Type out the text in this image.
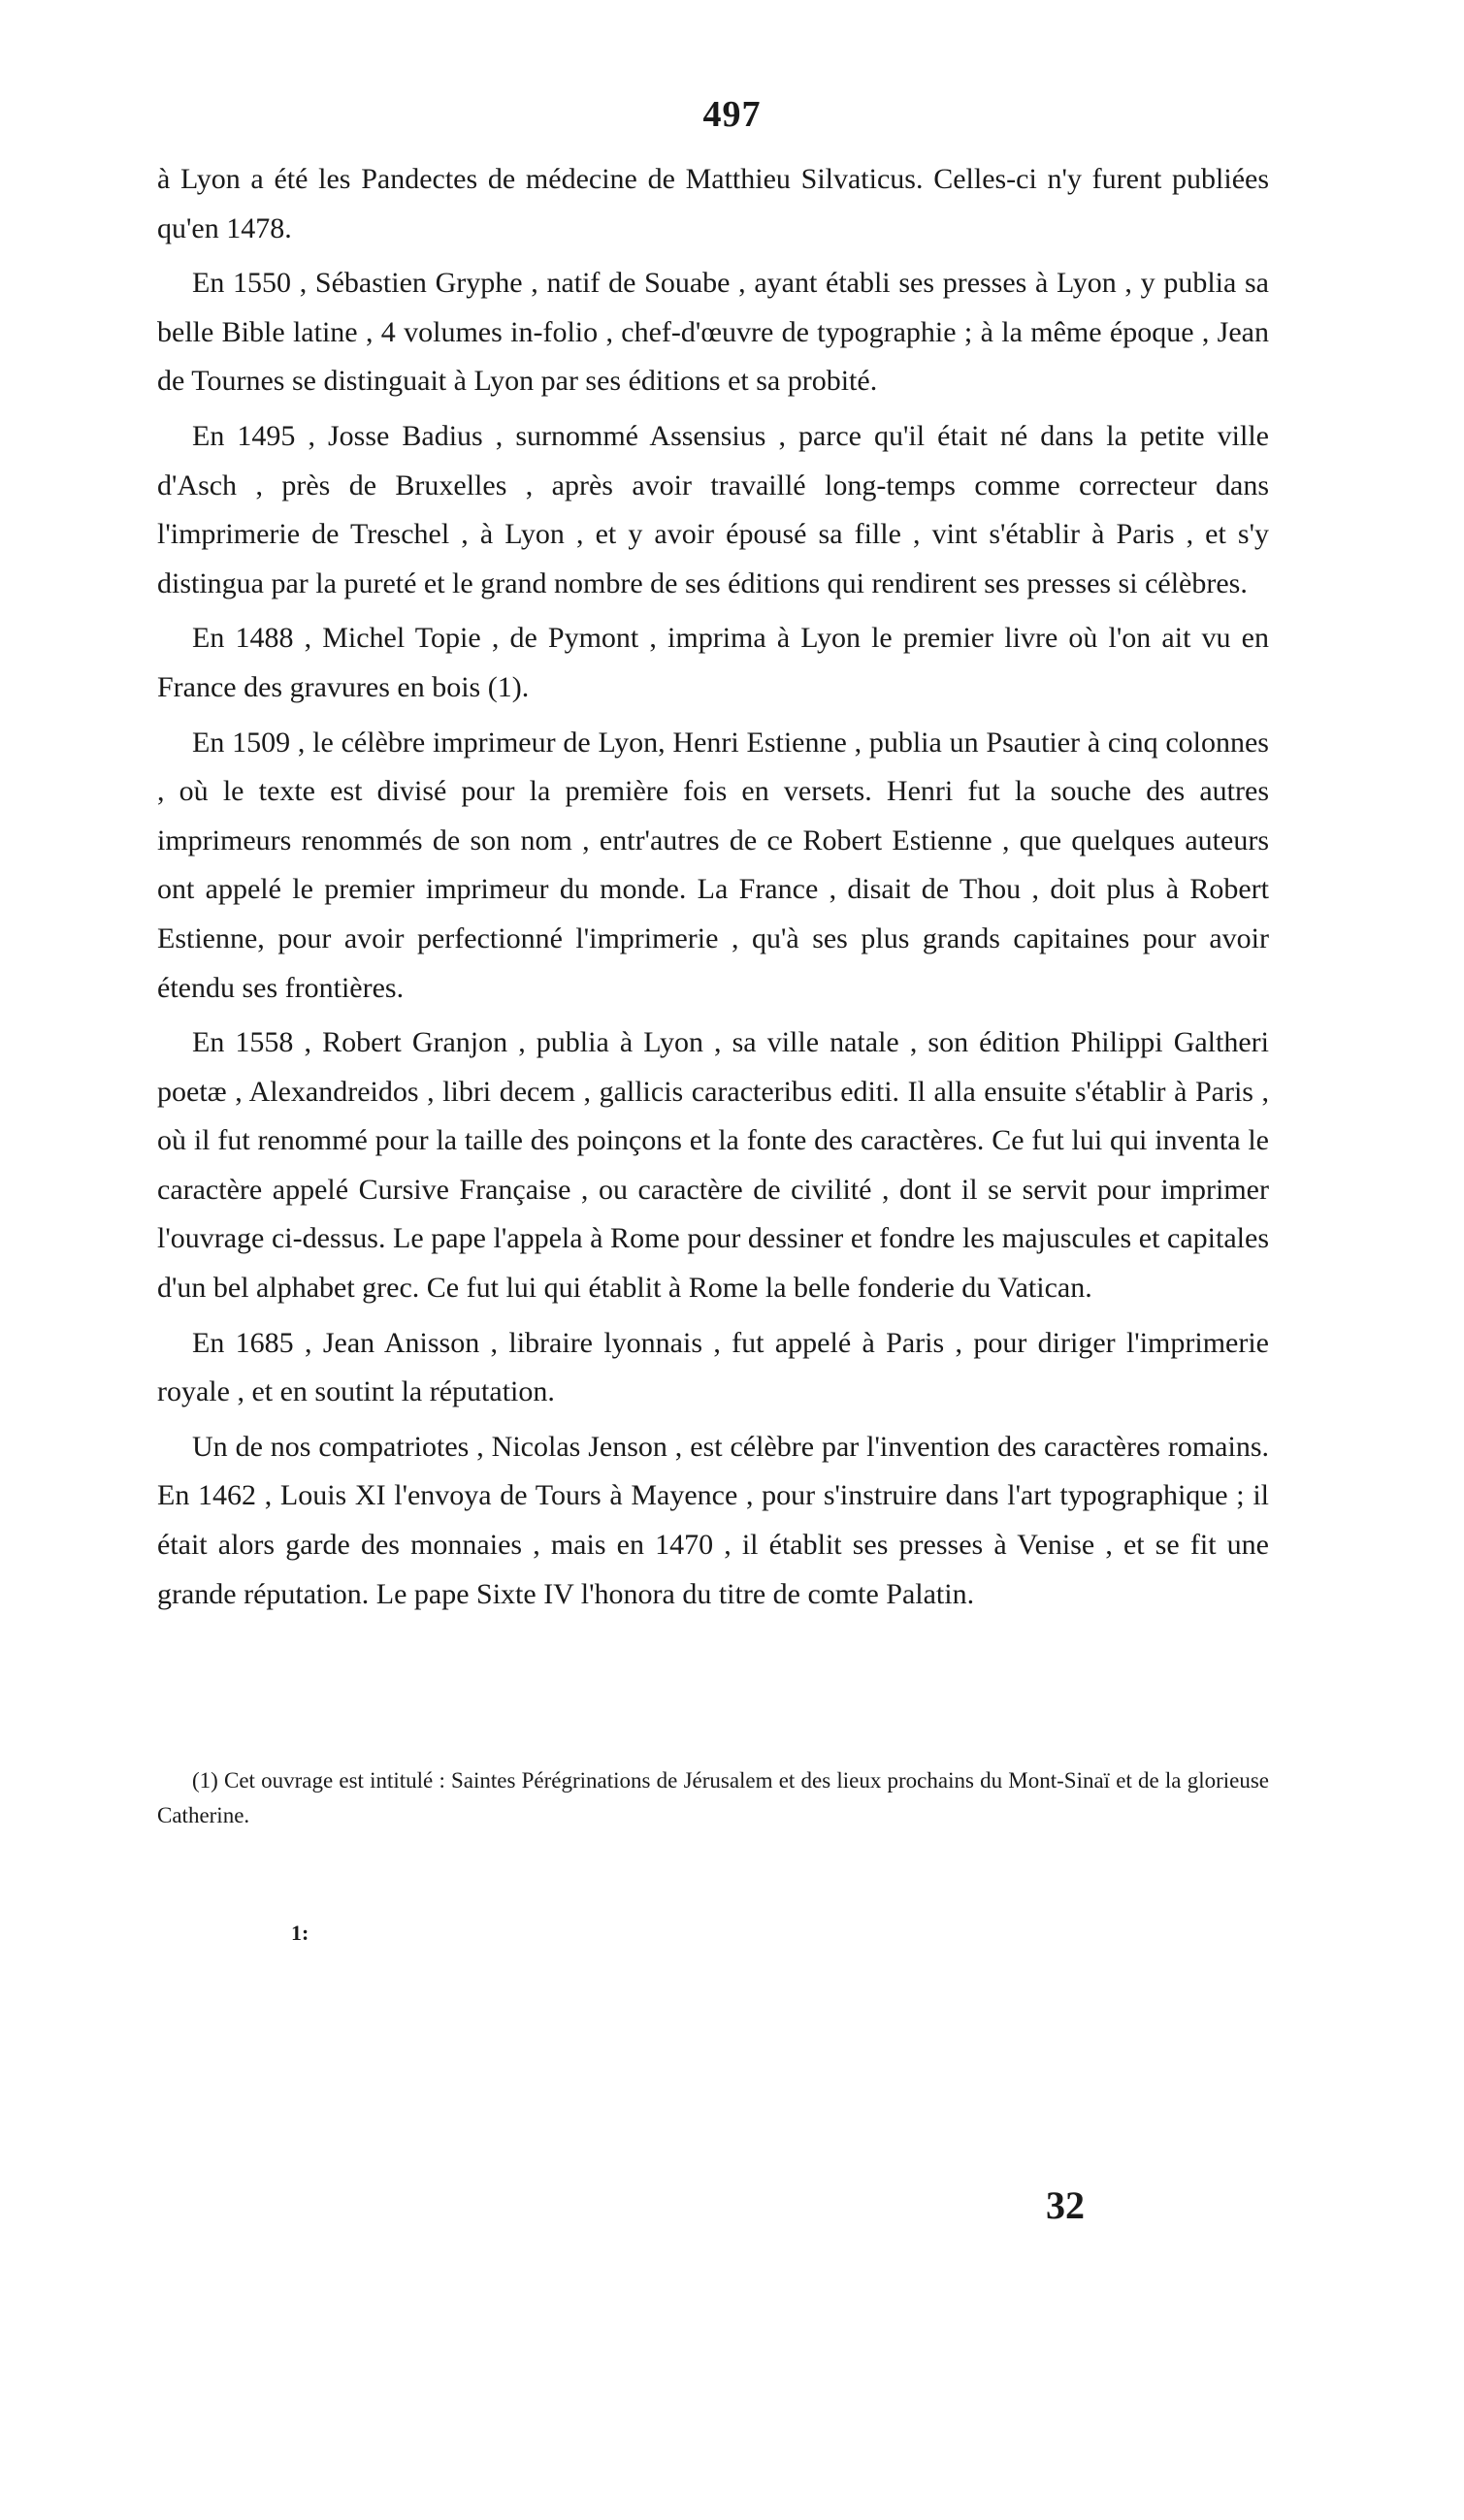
497

à Lyon a été les Pandectes de médecine de Matthieu Silvaticus. Celles-ci n'y furent publiées qu'en 1478.

En 1550 , Sébastien Gryphe , natif de Souabe , ayant établi ses presses à Lyon , y publia sa belle Bible latine , 4 volumes in-folio , chef-d'œuvre de typographie ; à la même époque , Jean de Tournes se distinguait à Lyon par ses éditions et sa probité.

En 1495 , Josse Badius , surnommé Assensius , parce qu'il était né dans la petite ville d'Asch , près de Bruxelles , après avoir travaillé long-temps comme correcteur dans l'imprimerie de Treschel , à Lyon , et y avoir épousé sa fille , vint s'établir à Paris , et s'y distingua par la pureté et le grand nombre de ses éditions qui rendirent ses presses si célèbres.

En 1488 , Michel Topie , de Pymont , imprima à Lyon le premier livre où l'on ait vu en France des gravures en bois (1).

En 1509 , le célèbre imprimeur de Lyon, Henri Estienne , publia un Psautier à cinq colonnes , où le texte est divisé pour la première fois en versets. Henri fut la souche des autres imprimeurs renommés de son nom , entr'autres de ce Robert Estienne , que quelques auteurs ont appelé le premier imprimeur du monde. La France , disait de Thou , doit plus à Robert Estienne, pour avoir perfectionné l'imprimerie , qu'à ses plus grands capitaines pour avoir étendu ses frontières.

En 1558 , Robert Granjon , publia à Lyon , sa ville natale , son édition Philippi Galtheri poetæ , Alexandreidos , libri decem , gallicis caracteribus editi. Il alla ensuite s'établir à Paris , où il fut renommé pour la taille des poinçons et la fonte des caractères. Ce fut lui qui inventa le caractère appelé Cursive Française , ou caractère de civilité , dont il se servit pour imprimer l'ouvrage ci-dessus. Le pape l'appela à Rome pour dessiner et fondre les majuscules et capitales d'un bel alphabet grec. Ce fut lui qui établit à Rome la belle fonderie du Vatican.

En 1685 , Jean Anisson , libraire lyonnais , fut appelé à Paris , pour diriger l'imprimerie royale , et en soutint la réputation.

Un de nos compatriotes , Nicolas Jenson , est célèbre par l'invention des caractères romains. En 1462 , Louis XI l'envoya de Tours à Mayence , pour s'instruire dans l'art typographique ; il était alors garde des monnaies , mais en 1470 , il établit ses presses à Venise , et se fit une grande réputation. Le pape Sixte IV l'honora du titre de comte Palatin.

(1) Cet ouvrage est intitulé : Saintes Pérégrinations de Jérusalem et des lieux prochains du Mont-Sinaï et de la glorieuse Catherine.
1:
32
